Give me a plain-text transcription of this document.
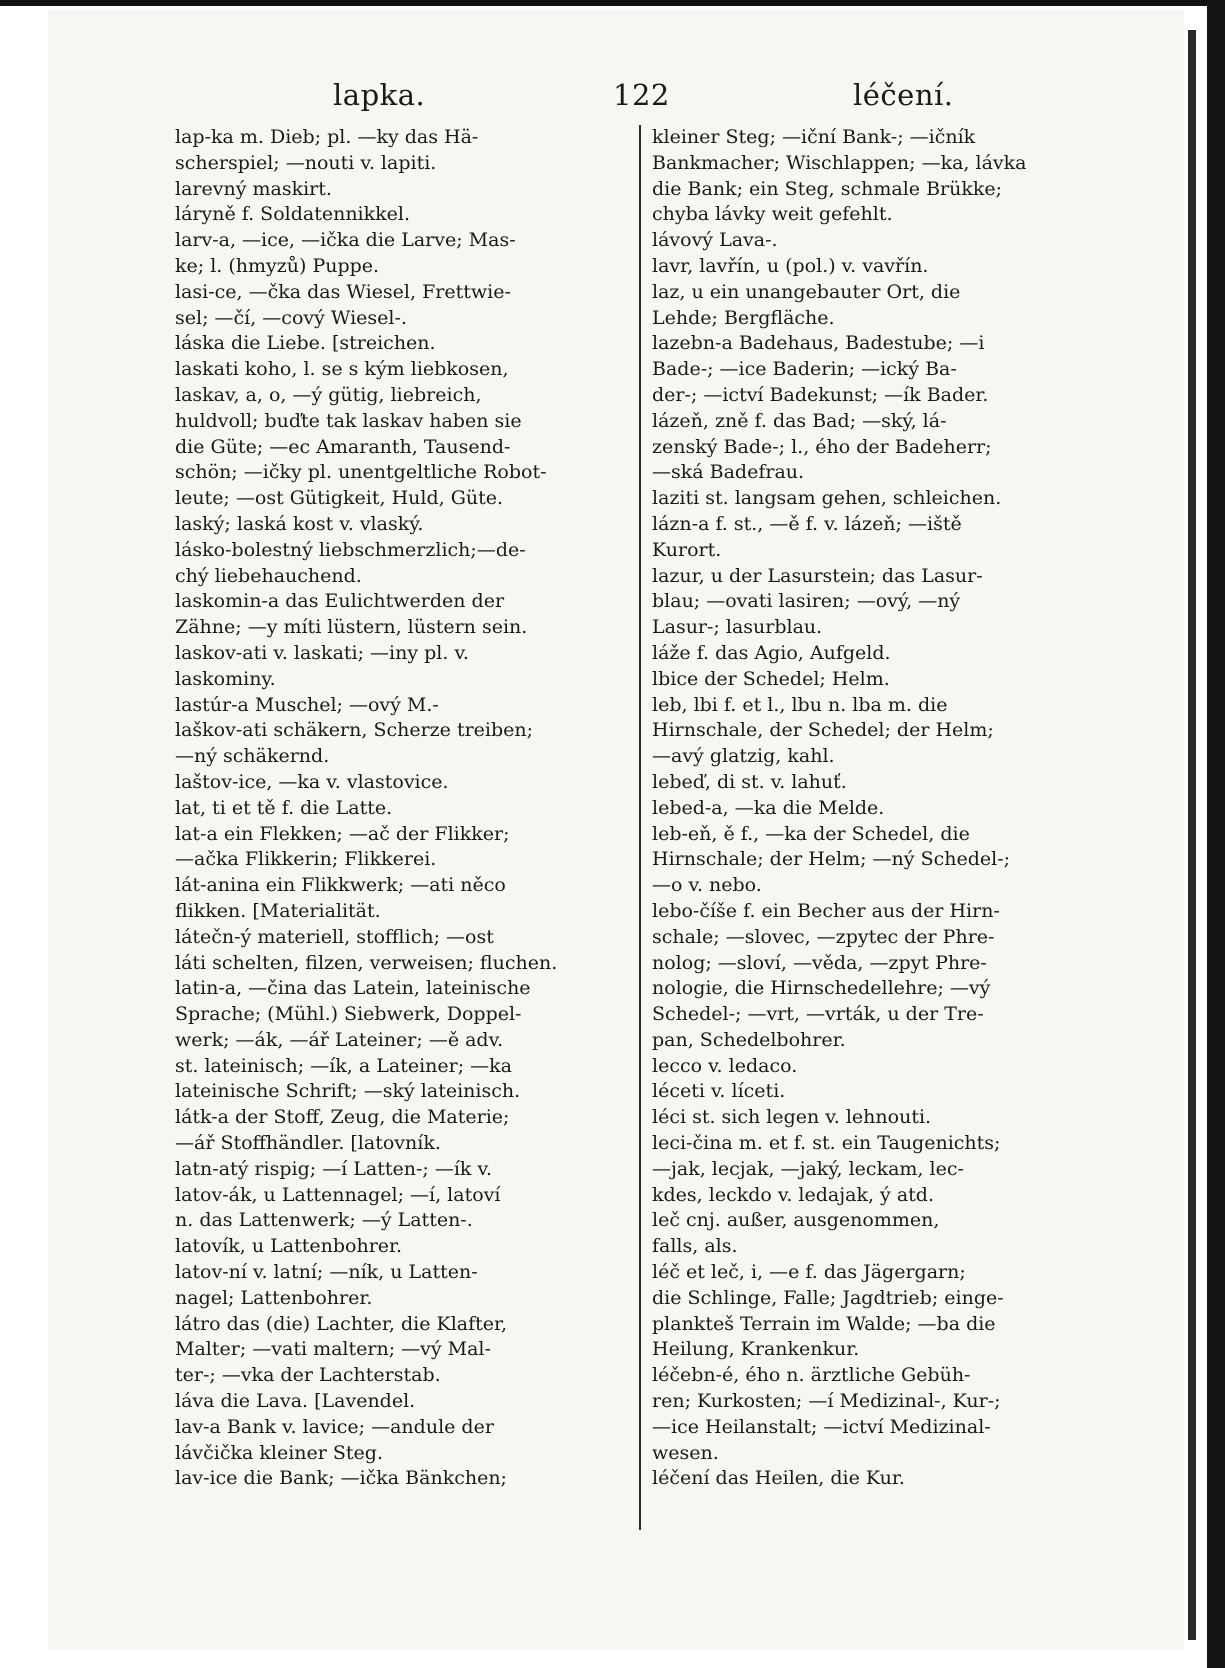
lapka.	122	léčení.
lap-ka m. Dieb; pl. —ky das Hä-
scherspiel; —nouti v. lapiti.
larevný maskirt.
láryně f. Soldatennikkel.
larv-a, —ice, —ička die Larve; Mas-
ke; l. (hmyzů) Puppe.
lasi-ce, —čka das Wiesel, Frettwie-
sel; —čí, —cový Wiesel-.
láska die Liebe. [streichen.
laskati koho, l. se s kým liebkosen,
laskav, a, o, —ý gütig, liebreich,
huldvoll; buďte tak laskav haben sie
die Güte; —ec Amaranth, Tausend-
schön; —ičky pl. unentgeltliche Robot-
leute; —ost Gütigkeit, Huld, Güte.
laský; laská kost v. vlaský.
lásko-bolestný liebschmerzlich;—de-
chý liebehauchend.
laskomin-a das Eulichtwerden der
Zähne; —y míti lüstern, lüstern sein.
laskov-ati v. laskati; —iny pl. v.
laskominy.
lastúr-a Muschel; —ový M.-
laškov-ati schäkern, Scherze treiben;
—ný schäkernd.
laštov-ice, —ka v. vlastovice.
lat, ti et tě f. die Latte.
lat-a ein Flekken; —ač der Flikker;
—ačka Flikkerin; Flikkerei.
lát-anina ein Flikkwerk; —ati něco
flikken. [Materialität.
látečn-ý materiell, stofflich; —ost
láti schelten, filzen, verweisen; fluchen.
latin-a, —čina das Latein, lateinische
Sprache; (Mühl.) Siebwerk, Doppel-
werk; —ák, —ář Lateiner; —ě adv.
st. lateinisch; —ík, a Lateiner; —ka
lateinische Schrift; —ský lateinisch.
látk-a der Stoff, Zeug, die Materie;
—ář Stoffhändler. [latovník.
latn-atý rispig; —í Latten-; —ík v.
latov-ák, u Lattennagel; —í, latoví
n. das Lattenwerk; —ý Latten-.
latovík, u Lattenbohrer.
latov-ní v. latní; —ník, u Latten-
nagel; Lattenbohrer.
látro das (die) Lachter, die Klafter,
Malter; —vati maltern; —vý Mal-
ter-; —vka der Lachterstab.
láva die Lava. [Lavendel.
lav-a Bank v. lavice; —andule der
lávčička kleiner Steg.
lav-ice die Bank; —ička Bänkchen;
kleiner Steg; —iční Bank-; —ičník
Bankmacher; Wischlappen; —ka, lávka
die Bank; ein Steg, schmale Brükke;
chyba lávky weit gefehlt.
lávový Lava-.
lavr, lavřín, u (pol.) v. vavřín.
laz, u ein unangebauter Ort, die
Lehde; Bergfläche.
lazebn-a Badehaus, Badestube; —i
Bade-; —ice Baderin; —ický Ba-
der-; —ictví Badekunst; —ík Bader.
lázeň, zně f. das Bad; —ský, lá-
zenský Bade-; l., ého der Badeherr;
—ská Badefrau.
laziti st. langsam gehen, schleichen.
lázn-a f. st., —ě f. v. lázeň; —iště
Kurort.
lazur, u der Lasurstein; das Lasur-
blau; —ovati lasiren; —ový, —ný
Lasur-; lasurblau.
láže f. das Agio, Aufgeld.
lbice der Schedel; Helm.
leb, lbi f. et l., lbu n. lba m. die
Hirnschale, der Schedel; der Helm;
—avý glatzig, kahl.
lebeď, di st. v. lahuť.
lebed-a, —ka die Melde.
leb-eň, ě f., —ka der Schedel, die
Hirnschale; der Helm; —ný Schedel-;
—o v. nebo.
lebo-číše f. ein Becher aus der Hirn-
schale; —slovec, —zpytec der Phre-
nolog; —sloví, —věda, —zpyt Phre-
nologie, die Hirnschedellehre; —vý
Schedel-; —vrt, —vrták, u der Tre-
pan, Schedelbohrer.
lecco v. ledaco.
léceti v. líceti.
léci st. sich legen v. lehnouti.
leci-čina m. et f. st. ein Taugenichts;
—jak, lecjak, —jaký, leckam, lec-
kdes, leckdo v. ledajak, ý atd.
leč cnj. außer, ausgenommen,
falls, als.
léč et leč, i, —e f. das Jägergarn;
die Schlinge, Falle; Jagdtrieb; einge-
plankteš Terrain im Walde; —ba die
Heilung, Krankenkur.
léčebn-é, ého n. ärztliche Gebüh-
ren; Kurkosten; —í Medizinal-, Kur-;
—ice Heilanstalt; —ictví Medizinal-
wesen.
léčení das Heilen, die Kur.
